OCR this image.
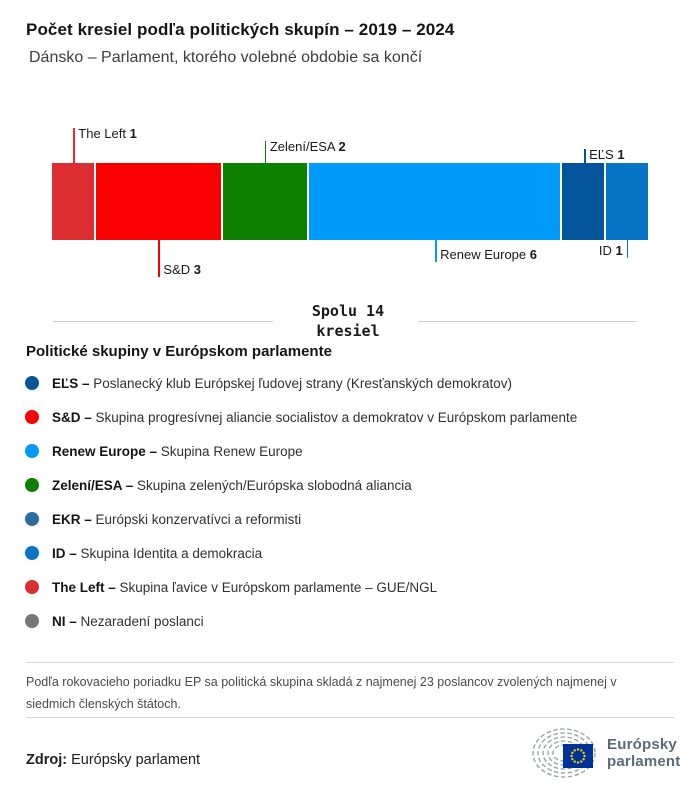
Počet kresiel podľa politických skupín – 2019 – 2024
Dánsko – Parlament, ktorého volebné obdobie sa končí
The Left 1
S&D 3
Zelení/ESA 2
Renew Europe 6
EĽS 1
ID 1
Spolu 14
kresiel
Politické skupiny v Európskom parlamente
EĽS – Poslanecký klub Európskej ľudovej strany (Kresťanských demokratov)
S&D – Skupina progresívnej aliancie socialistov a demokratov v Európskom parlamente
Renew Europe – Skupina Renew Europe
Zelení/ESA – Skupina zelených/Európska slobodná aliancia
EKR – Európski konzervatívci a reformisti
ID – Skupina Identita a demokracia
The Left – Skupina ľavice v Európskom parlamente – GUE/NGL
NI – Nezaradení poslanci
Podľa rokovacieho poriadku EP sa politická skupina skladá z najmenej 23 poslancov zvolených najmenej v siedmich členských štátoch.
Zdroj: Európsky parlament
Európsky
parlament
